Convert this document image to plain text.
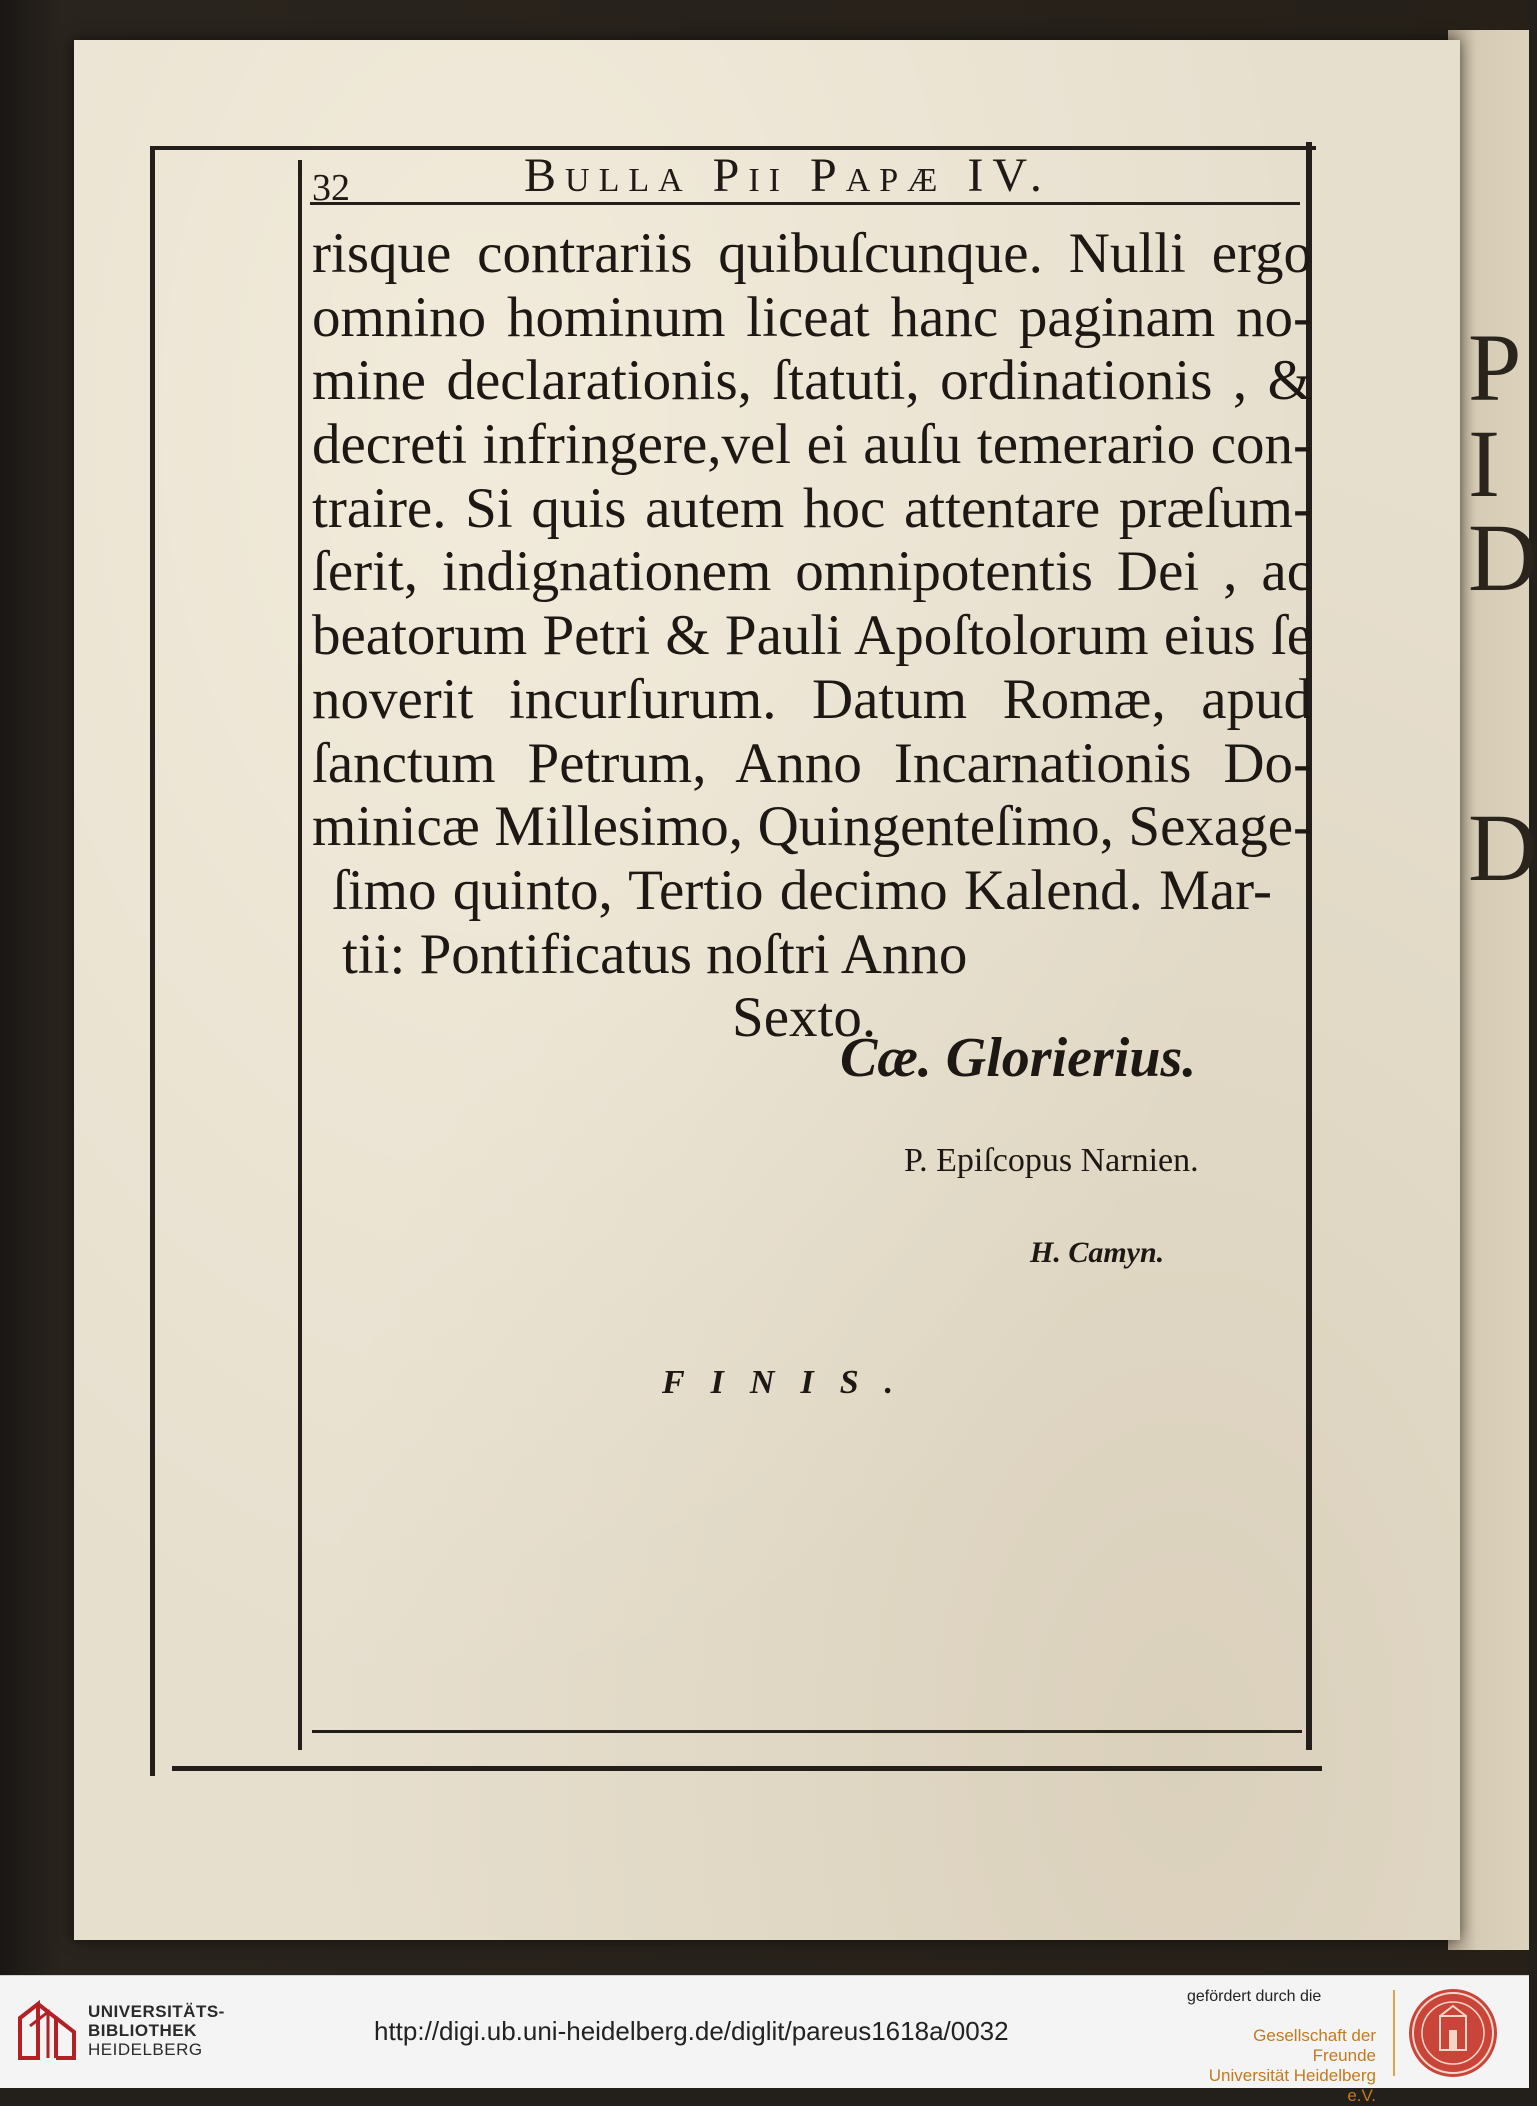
P I
D
D
32	Bulla Pii Papæ IV.
risque contrariis quibuſcunque. Nulli ergo
omnino hominum liceat hanc paginam no-
mine declarationis, ſtatuti, ordinationis , &
decreti infringere,vel ei auſu temerario con-
traire. Si quis autem hoc attentare præſum-
ſerit, indignationem omnipotentis Dei , ac
beatorum Petri & Pauli Apoſtolorum eius ſe
noverit incurſurum. Datum Romæ, apud
ſanctum Petrum, Anno Incarnationis Do-
minicæ Millesimo, Quingenteſimo, Sexage-
ſimo quinto, Tertio decimo Kalend. Mar-
tii: Pontificatus noſtri Anno
Sexto.
Cæ. Glorierius.
P. Epiſcopus Narnien.
H. Camyn.
FINIS.
UNIVERSITÄTS-
BIBLIOTHEK
HEIDELBERG
http://digi.ub.uni-heidelberg.de/diglit/pareus1618a/0032
gefördert durch die
Gesellschaft der Freunde
Universität Heidelberg e.V.
